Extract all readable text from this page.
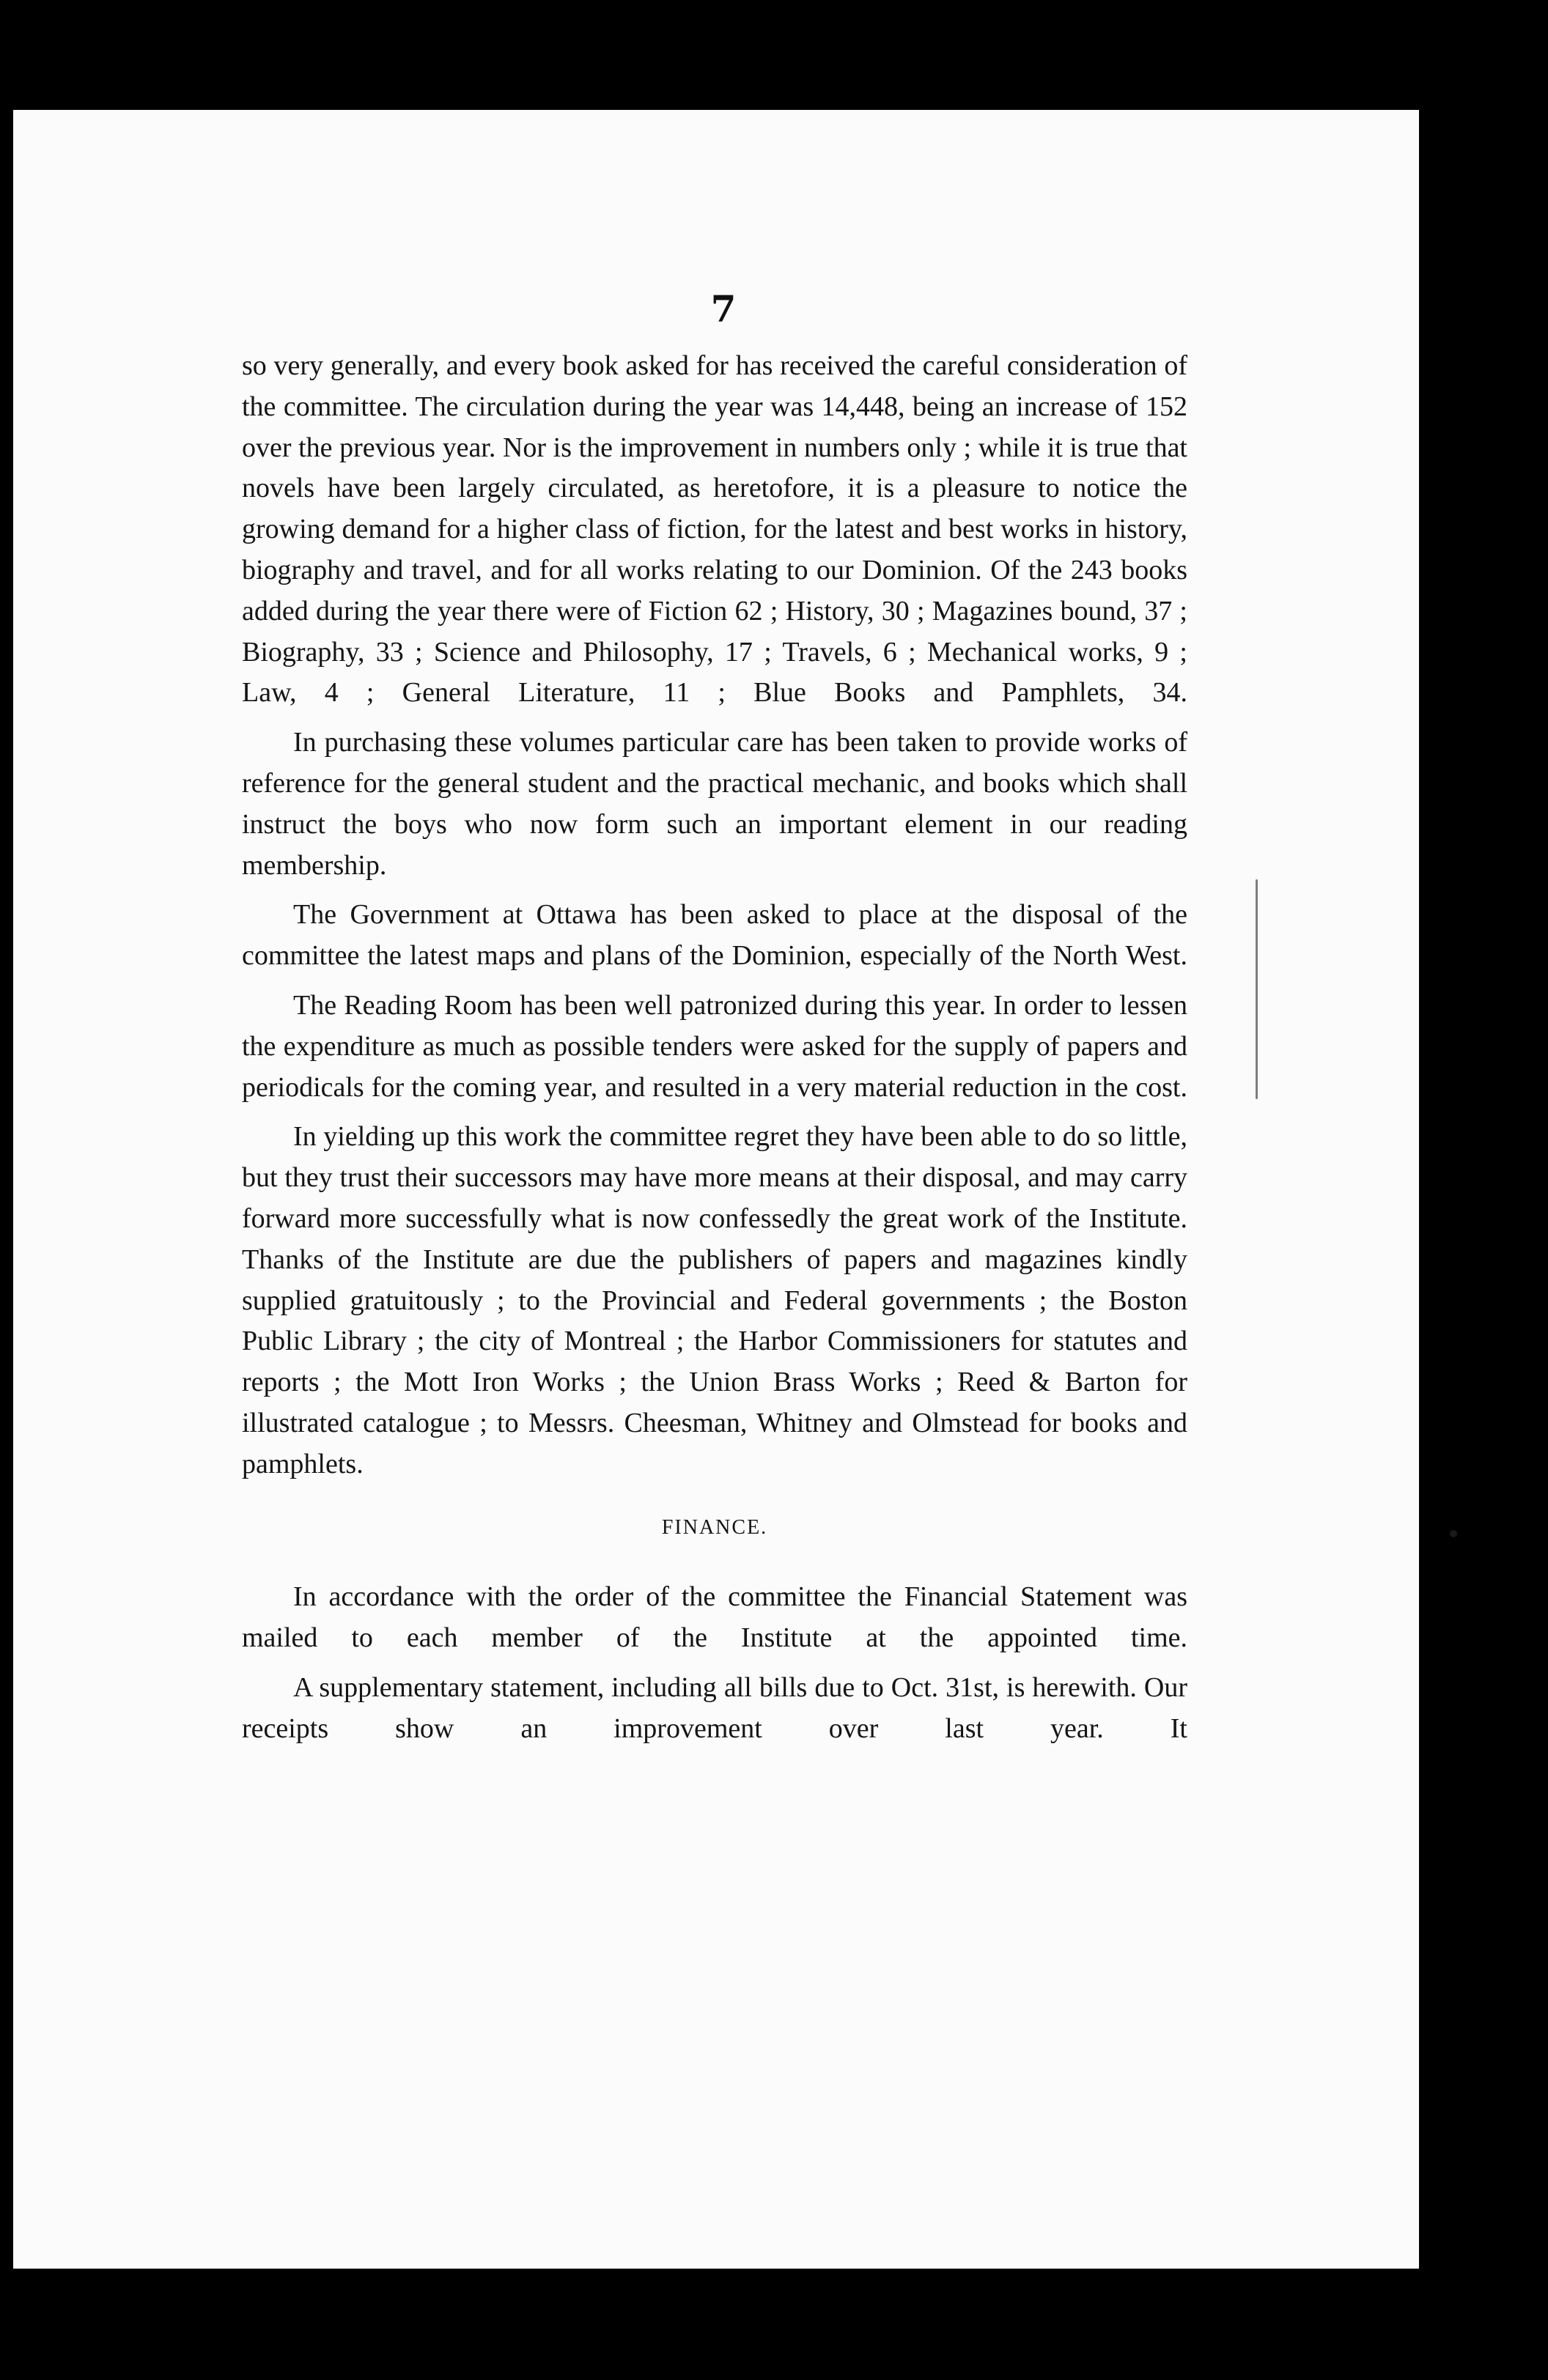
7

so very generally, and every book asked for has received the careful consideration of the committee. The circulation during the year was 14,448, being an increase of 152 over the previous year. Nor is the improvement in numbers only ; while it is true that novels have been largely circulated, as heretofore, it is a pleasure to notice the growing demand for a higher class of fiction, for the latest and best works in history, biography and travel, and for all works relating to our Dominion. Of the 243 books added during the year there were of Fiction 62 ; History, 30 ; Magazines bound, 37 ; Biography, 33 ; Science and Philosophy, 17 ; Travels, 6 ; Mechanical works, 9 ; Law, 4 ; General Literature, 11 ; Blue Books and Pamphlets, 34.

In purchasing these volumes particular care has been taken to provide works of reference for the general student and the practical mechanic, and books which shall instruct the boys who now form such an important element in our reading membership.

The Government at Ottawa has been asked to place at the disposal of the committee the latest maps and plans of the Dominion, especially of the North West.

The Reading Room has been well patronized during this year. In order to lessen the expenditure as much as possible tenders were asked for the supply of papers and periodicals for the coming year, and resulted in a very material reduction in the cost.

In yielding up this work the committee regret they have been able to do so little, but they trust their successors may have more means at their disposal, and may carry forward more successfully what is now confessedly the great work of the Institute. Thanks of the Institute are due the publishers of papers and magazines kindly supplied gratuitously ; to the Provincial and Federal governments ; the Boston Public Library ; the city of Montreal ; the Harbor Commissioners for statutes and reports ; the Mott Iron Works ; the Union Brass Works ; Reed & Barton for illustrated catalogue ; to Messrs. Cheesman, Whitney and Olmstead for books and pamphlets.

FINANCE.

In accordance with the order of the committee the Financial Statement was mailed to each member of the Institute at the appointed time.

A supplementary statement, including all bills due to Oct. 31st, is herewith. Our receipts show an improvement over last year. It
